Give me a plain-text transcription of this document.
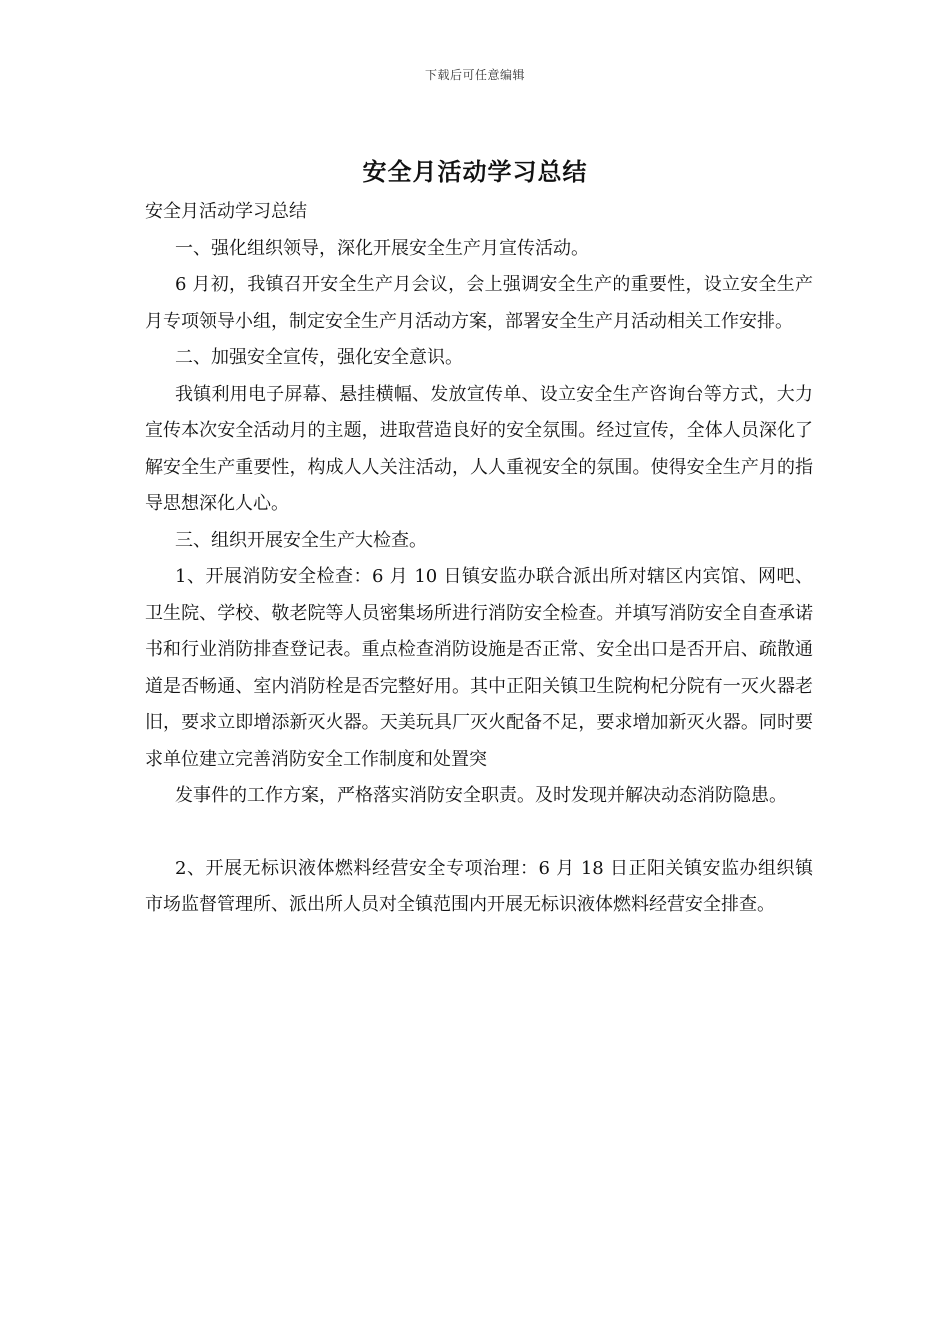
下载后可任意编辑
安全月活动学习总结

安全月活动学习总结

一、强化组织领导，深化开展安全生产月宣传活动。

6 月初，我镇召开安全生产月会议，会上强调安全生产的重要性，设立安全生产月专项领导小组，制定安全生产月活动方案，部署安全生产月活动相关工作安排。

二、加强安全宣传，强化安全意识。

我镇利用电子屏幕、悬挂横幅、发放宣传单、设立安全生产咨询台等方式，大力宣传本次安全活动月的主题，进取营造良好的安全氛围。经过宣传，全体人员深化了解安全生产重要性，构成人人关注活动，人人重视安全的氛围。使得安全生产月的指导思想深化人心。

三、组织开展安全生产大检查。

1、开展消防安全检查：6 月 10 日镇安监办联合派出所对辖区内宾馆、网吧、卫生院、学校、敬老院等人员密集场所进行消防安全检查。并填写消防安全自查承诺书和行业消防排查登记表。重点检查消防设施是否正常、安全出口是否开启、疏散通道是否畅通、室内消防栓是否完整好用。其中正阳关镇卫生院枸杞分院有一灭火器老旧，要求立即增添新灭火器。天美玩具厂灭火配备不足，要求增加新灭火器。同时要求单位建立完善消防安全工作制度和处置突

发事件的工作方案，严格落实消防安全职责。及时发现并解决动态消防隐患。

2、开展无标识液体燃料经营安全专项治理：6 月 18 日正阳关镇安监办组织镇市场监督管理所、派出所人员对全镇范围内开展无标识液体燃料经营安全排查。
